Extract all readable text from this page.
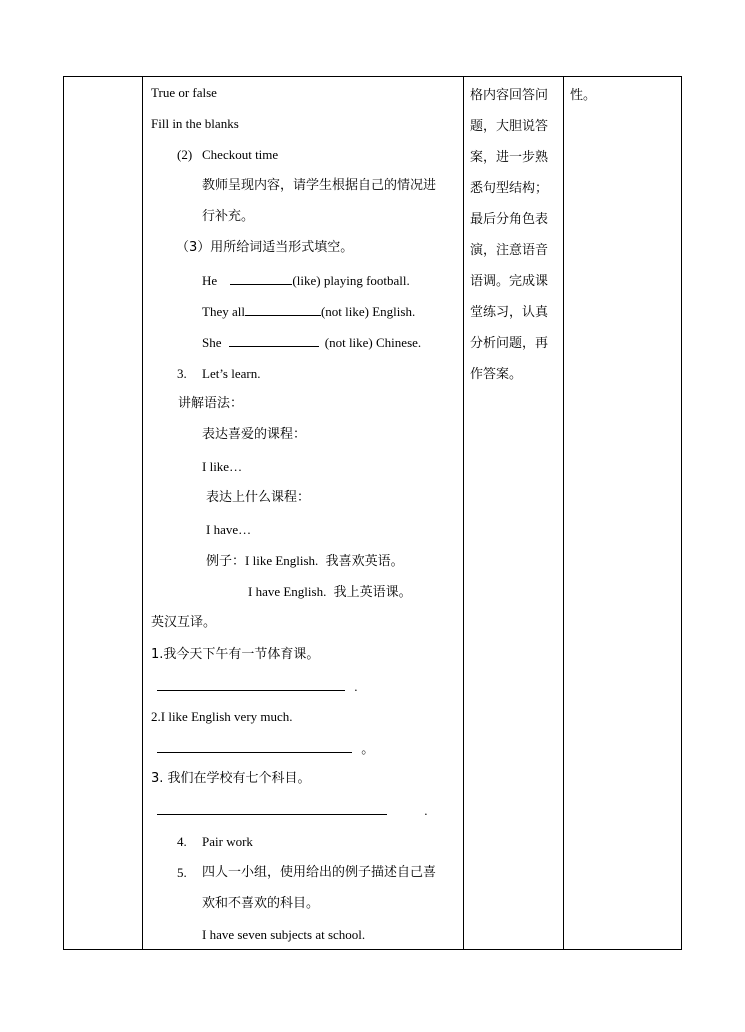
True or false
Fill in the blanks
(2) Checkout time
教师呈现内容，请学生根据自己的情况进
行补充。
（3）用所给词适当形式填空。
He	(like) playing football.
They all	(not like) English.
She	(not like) Chinese.
3. Let’s learn.
讲解语法：
表达喜爱的课程：
I like…
表达上什么课程：
I have…
例子：I like English. 我喜欢英语。
I have English. 我上英语课。
英汉互译。
1.我今天下午有一节体育课。
.
2.I like English very much.
。
3. 我们在学校有七个科目。
.
4. Pair work
5. 四人一小组，使用给出的例子描述自己喜
欢和不喜欢的科目。
I have seven subjects at school.
格内容回答问
题，大胆说答
案，进一步熟
悉句型结构；
最后分角色表
演，注意语音
语调。完成课
堂练习，认真
分析问题，再
作答案。
性。
